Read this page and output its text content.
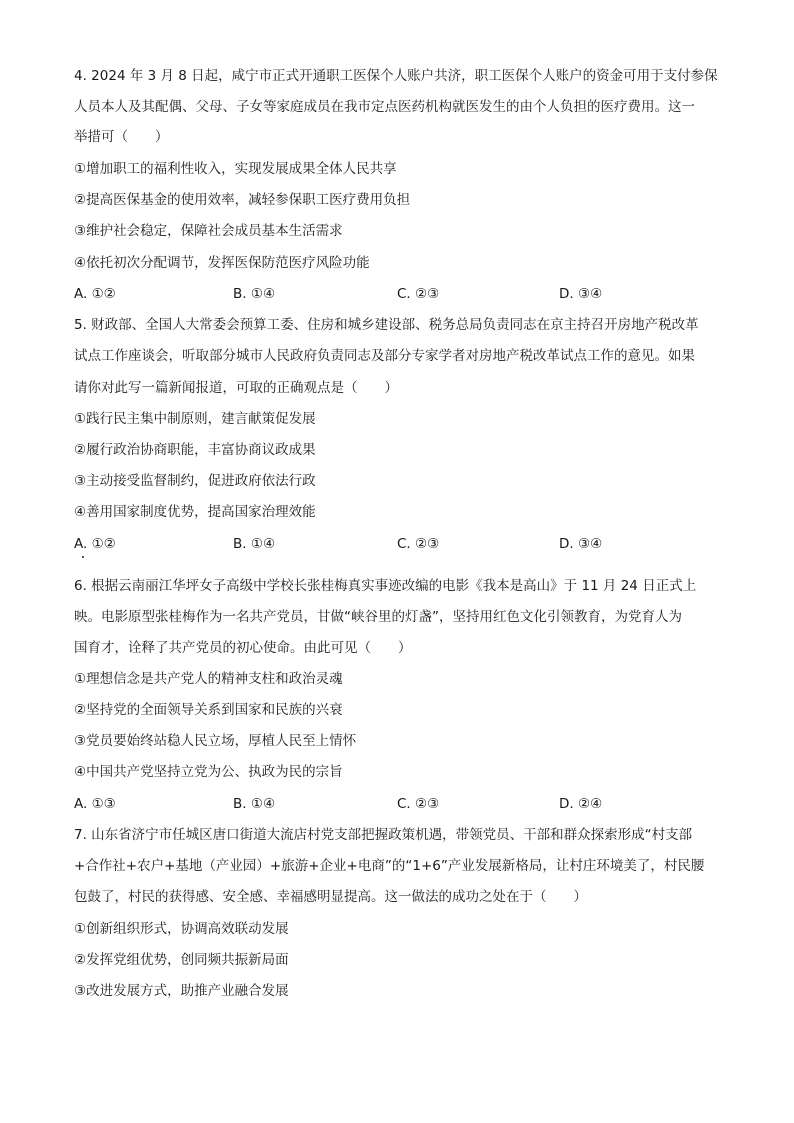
4. 2024 年 3 月 8 日起，咸宁市正式开通职工医保个人账户共济，职工医保个人账户的资金可用于支付参保
人员本人及其配偶、父母、子女等家庭成员在我市定点医药机构就医发生的由个人负担的医疗费用。这一
举措可（　　）
①增加职工的福利性收入，实现发展成果全体人民共享
②提高医保基金的使用效率，减轻参保职工医疗费用负担
③维护社会稳定，保障社会成员基本生活需求
④依托初次分配调节，发挥医保防范医疗风险功能
A. ①②	B. ①④	C. ②③	D. ③④
5. 财政部、全国人大常委会预算工委、住房和城乡建设部、税务总局负责同志在京主持召开房地产税改革
试点工作座谈会，听取部分城市人民政府负责同志及部分专家学者对房地产税改革试点工作的意见。如果
请你对此写一篇新闻报道，可取的正确观点是（　　）
①践行民主集中制原则，建言献策促发展
②履行政治协商职能，丰富协商议政成果
③主动接受监督制约，促进政府依法行政
④善用国家制度优势，提高国家治理效能
A. ①②	B. ①④	C. ②③	D. ③④
6. 根据云南丽江华坪女子高级中学校长张桂梅真实事迹改编的电影《我本是高山》于 11 月 24 日正式上
映。电影原型张桂梅作为一名共产党员，甘做“峡谷里的灯盏”，坚持用红色文化引领教育，为党育人为
国育才，诠释了共产党员的初心使命。由此可见（　　）
①理想信念是共产党人的精神支柱和政治灵魂
②坚持党的全面领导关系到国家和民族的兴衰
③党员要始终站稳人民立场，厚植人民至上情怀
④中国共产党坚持立党为公、执政为民的宗旨
A. ①③	B. ①④	C. ②③	D. ②④
7. 山东省济宁市任城区唐口街道大流店村党支部把握政策机遇，带领党员、干部和群众探索形成“村支部
+合作社+农户+基地（产业园）+旅游+企业+电商”的“1+6”产业发展新格局，让村庄环境美了，村民腰
包鼓了，村民的获得感、安全感、幸福感明显提高。这一做法的成功之处在于（　　）
①创新组织形式，协调高效联动发展
②发挥党组优势，创同频共振新局面
③改进发展方式，助推产业融合发展
